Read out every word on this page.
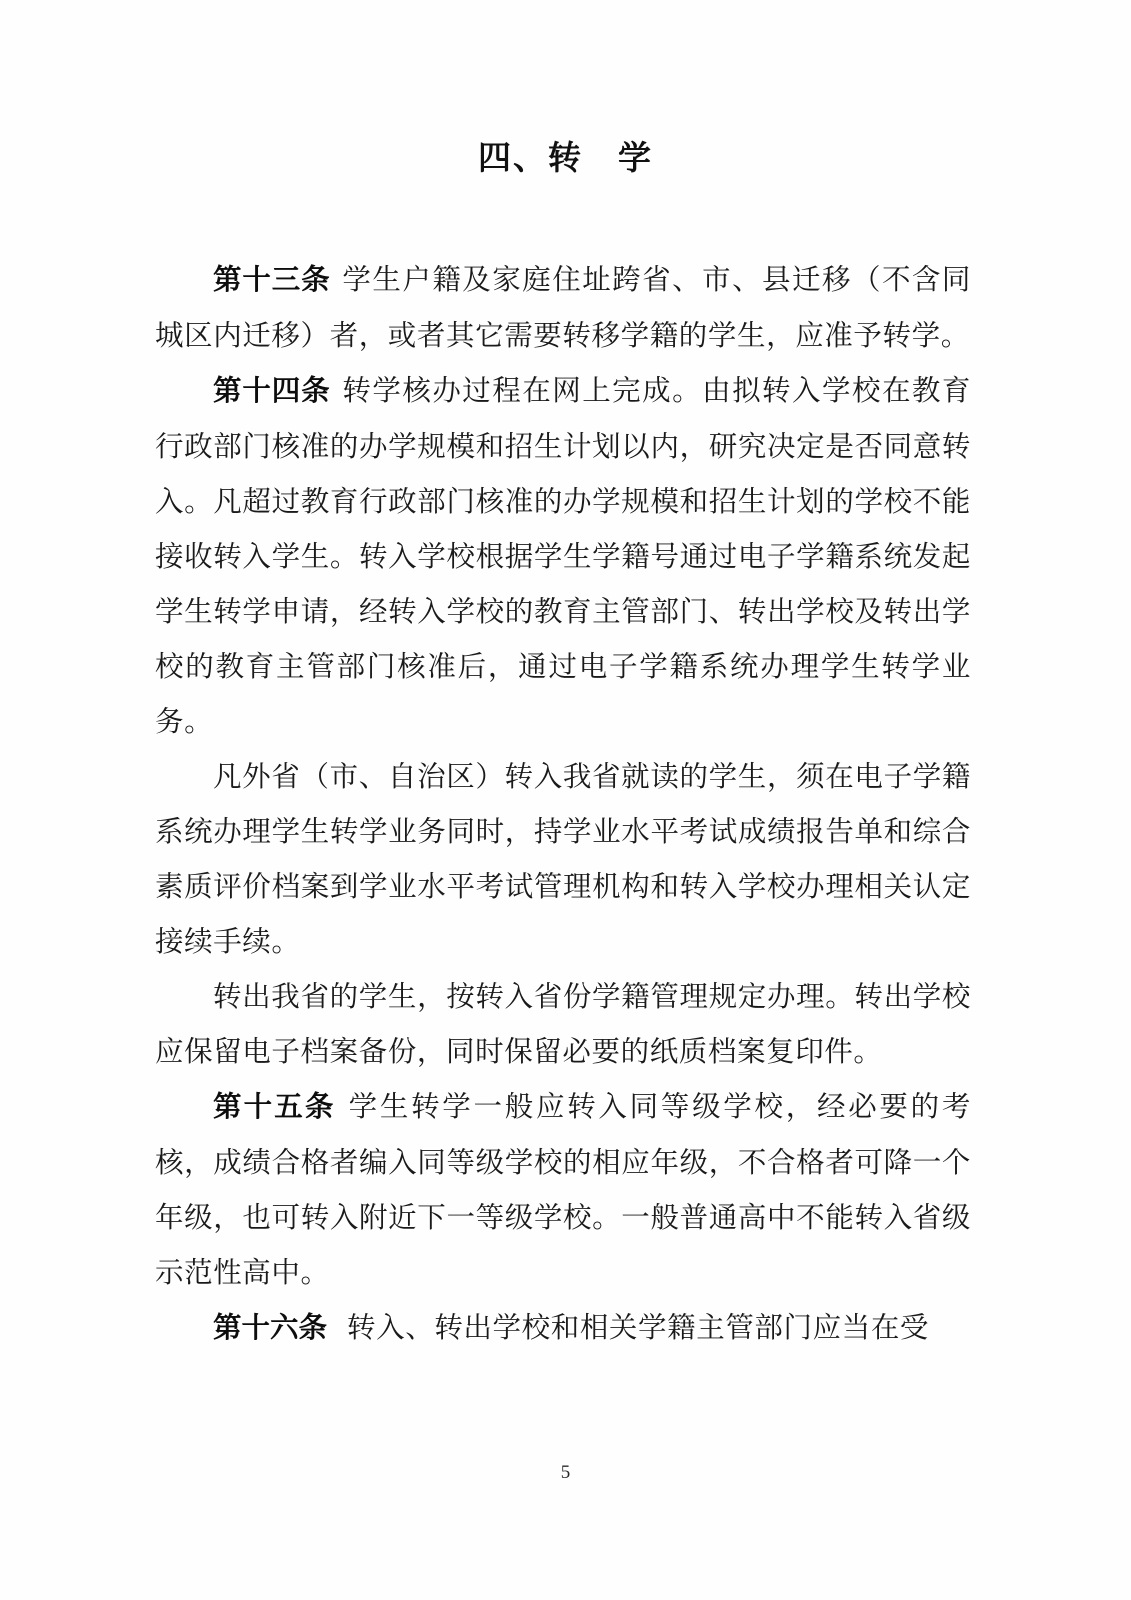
四、转　学

第十三条 学生户籍及家庭住址跨省、市、县迁移（不含同城区内迁移）者，或者其它需要转移学籍的学生，应准予转学。

第十四条 转学核办过程在网上完成。由拟转入学校在教育行政部门核准的办学规模和招生计划以内，研究决定是否同意转入。凡超过教育行政部门核准的办学规模和招生计划的学校不能接收转入学生。转入学校根据学生学籍号通过电子学籍系统发起学生转学申请，经转入学校的教育主管部门、转出学校及转出学校的教育主管部门核准后，通过电子学籍系统办理学生转学业务。

凡外省（市、自治区）转入我省就读的学生，须在电子学籍系统办理学生转学业务同时，持学业水平考试成绩报告单和综合素质评价档案到学业水平考试管理机构和转入学校办理相关认定接续手续。

转出我省的学生，按转入省份学籍管理规定办理。转出学校应保留电子档案备份，同时保留必要的纸质档案复印件。

第十五条 学生转学一般应转入同等级学校，经必要的考核，成绩合格者编入同等级学校的相应年级，不合格者可降一个年级，也可转入附近下一等级学校。一般普通高中不能转入省级示范性高中。

第十六条 转入、转出学校和相关学籍主管部门应当在受

5
